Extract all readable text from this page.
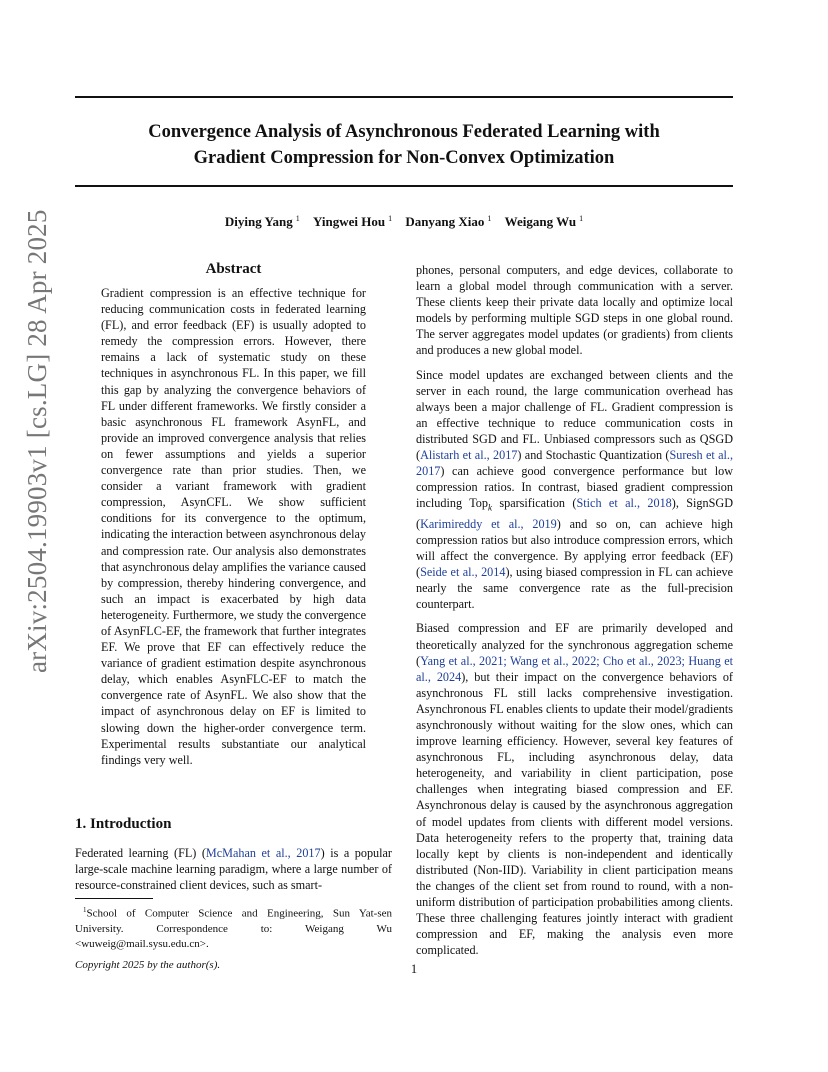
arXiv:2504.19903v1 [cs.LG] 28 Apr 2025
Convergence Analysis of Asynchronous Federated Learning with
Gradient Compression for Non-Convex Optimization
Diying Yang $^1$ Yingwei Hou $^1$ Danyang Xiao $^1$ Weigang Wu $^1$
Abstract
Gradient compression is an effective technique for reducing communication costs in federated learning (FL), and error feedback (EF) is usually adopted to remedy the compression errors. However, there remains a lack of systematic study on these techniques in asynchronous FL. In this paper, we fill this gap by analyzing the convergence behaviors of FL under different frameworks. We firstly consider a basic asynchronous FL framework AsynFL, and provide an improved convergence analysis that relies on fewer assumptions and yields a superior convergence rate than prior studies. Then, we consider a variant framework with gradient compression, AsynCFL. We show sufficient conditions for its convergence to the optimum, indicating the interaction between asynchronous delay and compression rate. Our analysis also demonstrates that asynchronous delay amplifies the variance caused by compression, thereby hindering convergence, and such an impact is exacerbated by high data heterogeneity. Furthermore, we study the convergence of AsynFLC-EF, the framework that further integrates EF. We prove that EF can effectively reduce the variance of gradient estimation despite asynchronous delay, which enables AsynFLC-EF to match the convergence rate of AsynFL. We also show that the impact of asynchronous delay on EF is limited to slowing down the higher-order convergence term. Experimental results substantiate our analytical findings very well.
1. Introduction
Federated learning (FL) (McMahan et al., 2017) is a popular large-scale machine learning paradigm, where a large number of resource-constrained client devices, such as smart-
$^1$School of Computer Science and Engineering, Sun Yat-sen University. Correspondence to: Weigang Wu <wuweig@mail.sysu.edu.cn>.
Copyright 2025 by the author(s).

phones, personal computers, and edge devices, collaborate to learn a global model through communication with a server. These clients keep their private data locally and optimize local models by performing multiple SGD steps in one global round. The server aggregates model updates (or gradients) from clients and produces a new global model.

Since model updates are exchanged between clients and the server in each round, the large communication overhead has always been a major challenge of FL. Gradient compression is an effective technique to reduce communication costs in distributed SGD and FL. Unbiased compressors such as QSGD (Alistarh et al., 2017) and Stochastic Quantization (Suresh et al., 2017) can achieve good convergence performance but low compression ratios. In contrast, biased gradient compression including Top$_k$ sparsification (Stich et al., 2018), SignSGD (Karimireddy et al., 2019) and so on, can achieve high compression ratios but also introduce compression errors, which will affect the convergence. By applying error feedback (EF) (Seide et al., 2014), using biased compression in FL can achieve nearly the same convergence rate as the full-precision counterpart.

Biased compression and EF are primarily developed and theoretically analyzed for the synchronous aggregation scheme (Yang et al., 2021; Wang et al., 2022; Cho et al., 2023; Huang et al., 2024), but their impact on the convergence behaviors of asynchronous FL still lacks comprehensive investigation. Asynchronous FL enables clients to update their model/gradients asynchronously without waiting for the slow ones, which can improve learning efficiency. However, several key features of asynchronous FL, including asynchronous delay, data heterogeneity, and variability in client participation, pose challenges when integrating biased compression and EF. Asynchronous delay is caused by the asynchronous aggregation of model updates from clients with different model versions. Data heterogeneity refers to the property that, training data locally kept by clients is non-independent and identically distributed (Non-IID). Variability in client participation means the changes of the client set from round to round, with a non-uniform distribution of participation probabilities among clients. These three challenging features jointly interact with gradient compression and EF, making the analysis even more complicated.

1
